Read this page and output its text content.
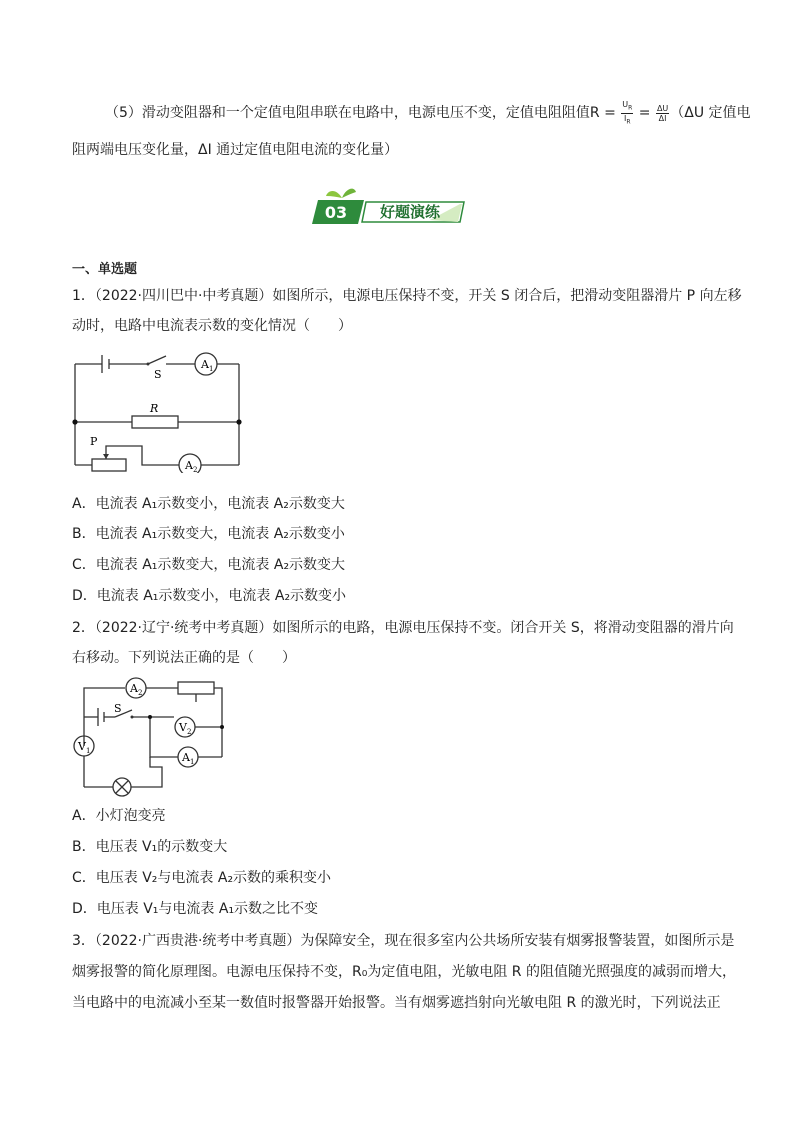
（5）滑动变阻器和一个定值电阻串联在电路中，电源电压不变，定值电阻阻值$R = \frac{U_R}{I_R} = \frac{\Delta U}{\Delta I} (\Delta U$ 定值电
阻两端电压变化量，ΔI 通过定值电阻电流的变化量）
03 好题演练
一、单选题
1．（2022·四川巴中·中考真题）如图所示，电源电压保持不变，开关 S 闭合后，把滑动变阻器滑片 P 向左移
动时，电路中电流表示数的变化情况（　　）
S
$A_1$
R
P
$A_2$
A．电流表 A₁示数变小，电流表 A₂示数变大
B．电流表 A₁示数变大，电流表 A₂示数变小
C．电流表 A₁示数变大，电流表 A₂示数变大
D．电流表 A₁示数变小，电流表 A₂示数变小
2．（2022·辽宁·统考中考真题）如图所示的电路，电源电压保持不变。闭合开关 S，将滑动变阻器的滑片向
右移动。下列说法正确的是（　　）
S
$A_2$
$V_2$
$V_1$	$A_1$
A．小灯泡变亮
B．电压表 V₁的示数变大
C．电压表 V₂与电流表 A₂示数的乘积变小
D．电压表 V₁与电流表 A₁示数之比不变
3．（2022·广西贵港·统考中考真题）为保障安全，现在很多室内公共场所安装有烟雾报警装置，如图所示是
烟雾报警的简化原理图。电源电压保持不变，R₀为定值电阻，光敏电阻 R 的阻值随光照强度的减弱而增大，
当电路中的电流减小至某一数值时报警器开始报警。当有烟雾遮挡射向光敏电阻 R 的激光时，下列说法正
